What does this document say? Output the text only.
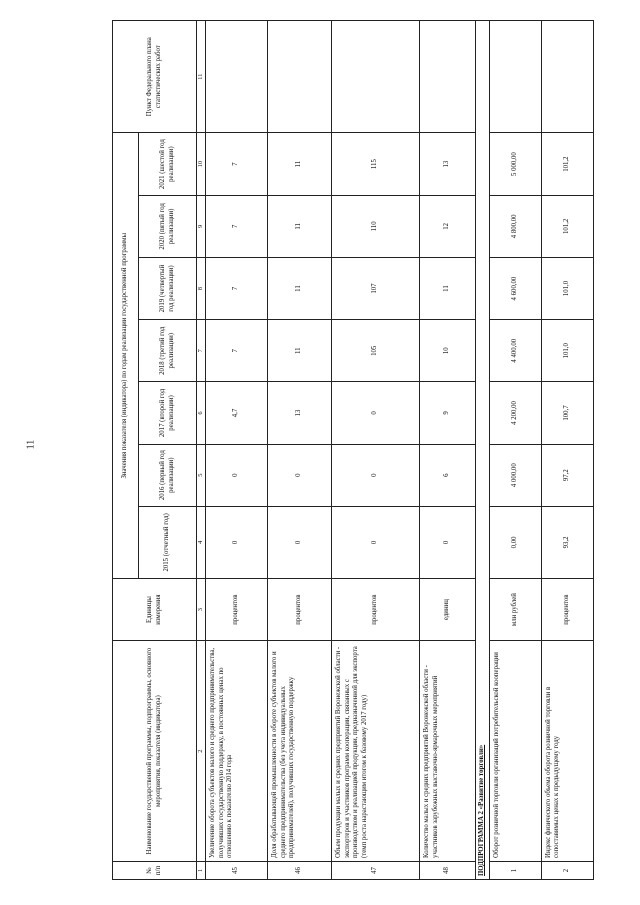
11
№ п/п	Наименование государственной программы, подпрограммы, основного мероприятия, показателя (индикатора)	Единицы измерения	Значения показателя (индикатора) по годам реализации государственной программы							Пункт Федерального плана статистических работ
			2015 (отчетный год)	2016 (первый год реализации)	2017 (второй год реализации)	2018 (третий год реализации)	2019 (четвертый год реализации)	2020 (пятый год реализации)	2021 (шестой год реализации)	
1	2	3	4	5	6	7	8	9	10	11
45	Увеличение оборота субъектов малого и среднего предпринимательства, получивших государственную поддержку, в постоянных ценах по отношению к показателю 2014 года	процентов	0	0	4,7	7	7	7	7	
46	Доля обрабатывающей промышленности в обороте субъектов малого и среднего предпринимательства (без учета индивидуальных предпринимателей), получивших государственную поддержку	процентов	0	0	13	11	11	11	11	
47	Объем продукции малых и средних предприятий Воронежской области - экспортеров и участников программ кооперации, связанных с производством и реализацией продукции, предназначенной для экспорта (темп роста нарастающим итогом к базовому 2017 году)	процентов	0	0	0	105	107	110	115	
48	Количество малых и средних предприятий Воронежской области - участников зарубежных выставочно-ярмарочных мероприятий	единиц	0	6	9	10	11	12	13	
ПОДПРОГРАММА 2 «Развитие торговли»										
1	Оборот розничной торговли организаций потребительской кооперации	млн рублей	0,00	4 000,00	4 200,00	4 400,00	4 600,00	4 800,00	5 000,00	
2	Индекс физического объема оборота розничной торговли в сопоставимых ценах к предыдущему году	процентов	93,2	97,2	100,7	101,0	101,0	101,2	101,2	
